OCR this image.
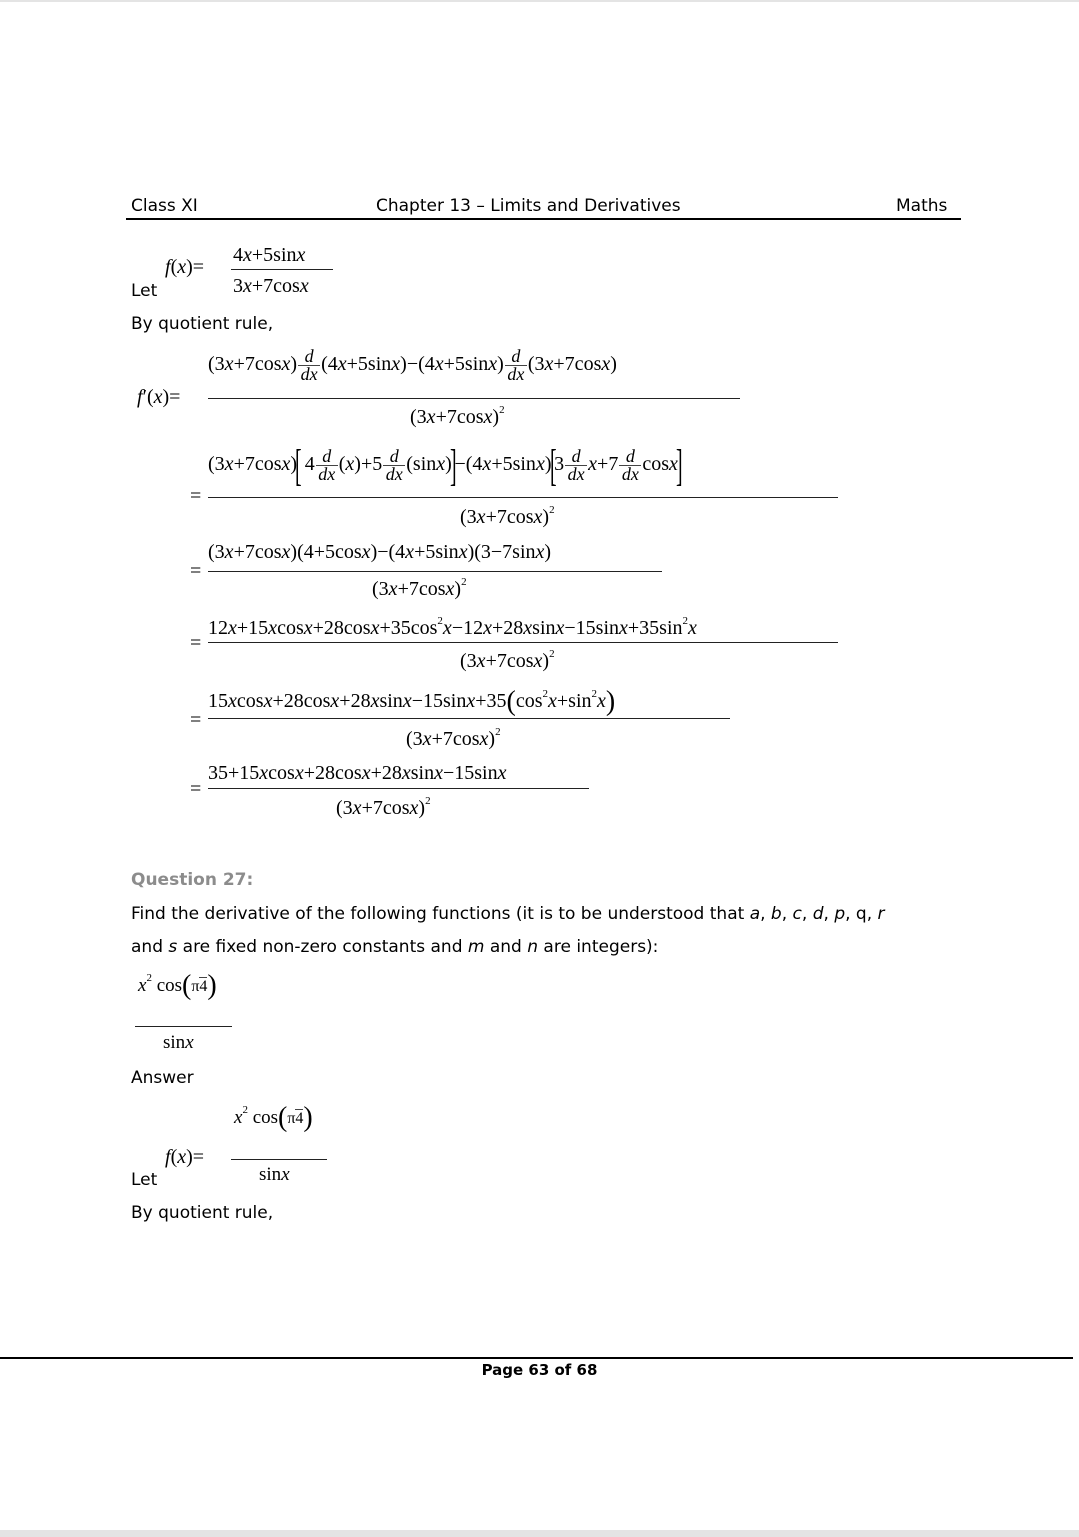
Class XI	Chapter 13 – Limits and Derivatives	Maths
Let
f(x)=
4x+5sinx
3x+7cosx
By quotient rule,
f′(x)=
$(3x+7\cos x) \frac{d}{dx} (4x+5\sin x)-(4x+5\sin x) \frac{d}{dx} (3x+7\cos x)$
$(3x+7\cos x)^2$
=
(3x+7cosx)[ $4 \frac{d}{dx} (x)+5 \frac{d}{dx} (\sin x)]-(4x+5\sin x)[3 \frac{d}{dx} x+7 \frac{d}{dx} \cos x]$
$(3x+7\cos x)^2$
=
(3x+7cosx)(4+5cosx)−(4x+5sinx)(3−7sinx)
$(3x+7\cos x)^2$
=
$12x+15xcosx+28\cos x+35\cos^2x-12x+28xsinx-15\sin x+35\sin^2x$
$(3x+7\cos x)^2$
=
$15xcosx+28\cos x+28xsinx-15\sin x+35(\cos^2x+\sin^2x)$
$(3x+7\cos x)^2$
=
35+15xcosx+28cosx+28xsinx−15sinx
$(3x+7\cos x)^2$
Question 27:
Find the derivative of the following functions (it is to be understood that a, b, c, d, p, q, r
and s are fixed non-zero constants and m and n are integers):
$x^2$ cos(π4)
sinx
Answer
Let
f(x)=
$x^2$ cos(π4)
sinx
By quotient rule,
Page 63 of 68
